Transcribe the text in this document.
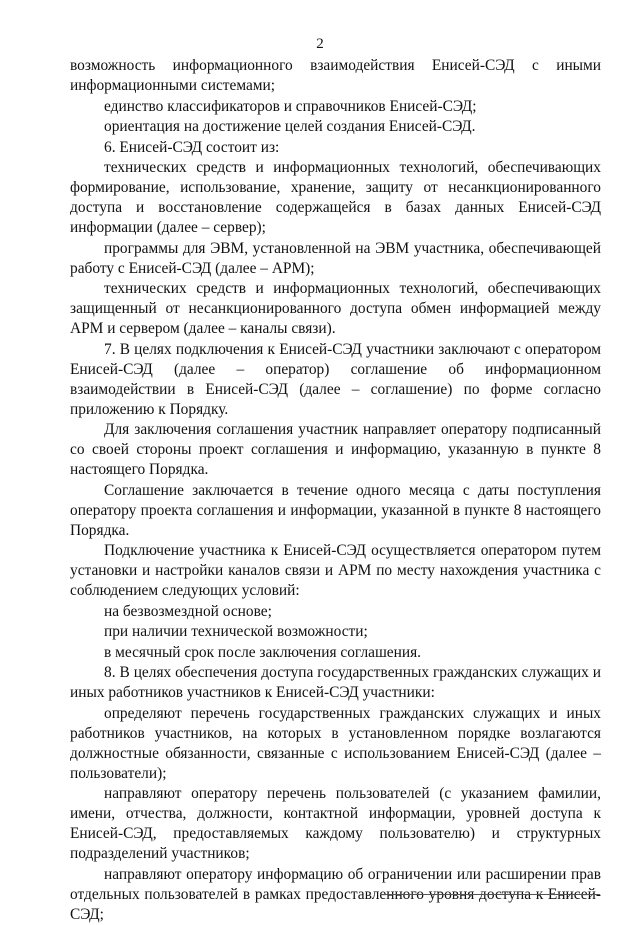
2

возможность информационного взаимодействия Енисей-СЭД с иными информационными системами;

единство классификаторов и справочников Енисей-СЭД;

ориентация на достижение целей создания Енисей-СЭД.

6. Енисей-СЭД состоит из:

технических средств и информационных технологий, обеспечивающих формирование, использование, хранение, защиту от несанкционированного доступа и восстановление содержащейся в базах данных Енисей-СЭД информации (далее – сервер);

программы для ЭВМ, установленной на ЭВМ участника, обеспечивающей работу с Енисей-СЭД (далее – АРМ);

технических средств и информационных технологий, обеспечивающих защищенный от несанкционированного доступа обмен информацией между АРМ и сервером (далее – каналы связи).

7. В целях подключения к Енисей-СЭД участники заключают с оператором Енисей-СЭД (далее – оператор) соглашение об информационном взаимодействии в Енисей-СЭД (далее – соглашение) по форме согласно приложению к Порядку.

Для заключения соглашения участник направляет оператору подписанный со своей стороны проект соглашения и информацию, указанную в пункте 8 настоящего Порядка.

Соглашение заключается в течение одного месяца с даты поступления оператору проекта соглашения и информации, указанной в пункте 8 настоящего Порядка.

Подключение участника к Енисей-СЭД осуществляется оператором путем установки и настройки каналов связи и АРМ по месту нахождения участника с соблюдением следующих условий:

на безвозмездной основе;

при наличии технической возможности;

в месячный срок после заключения соглашения.

8. В целях обеспечения доступа государственных гражданских служащих и иных работников участников к Енисей-СЭД участники:

определяют перечень государственных гражданских служащих и иных работников участников, на которых в установленном порядке возлагаются должностные обязанности, связанные с использованием Енисей-СЭД (далее – пользователи);

направляют оператору перечень пользователей (с указанием фамилии, имени, отчества, должности, контактной информации, уровней доступа к Енисей-СЭД, предоставляемых каждому пользователю) и структурных подразделений участников;

направляют оператору информацию об ограничении или расширении прав отдельных пользователей в рамках предоставленного уровня доступа к Енисей-СЭД;
